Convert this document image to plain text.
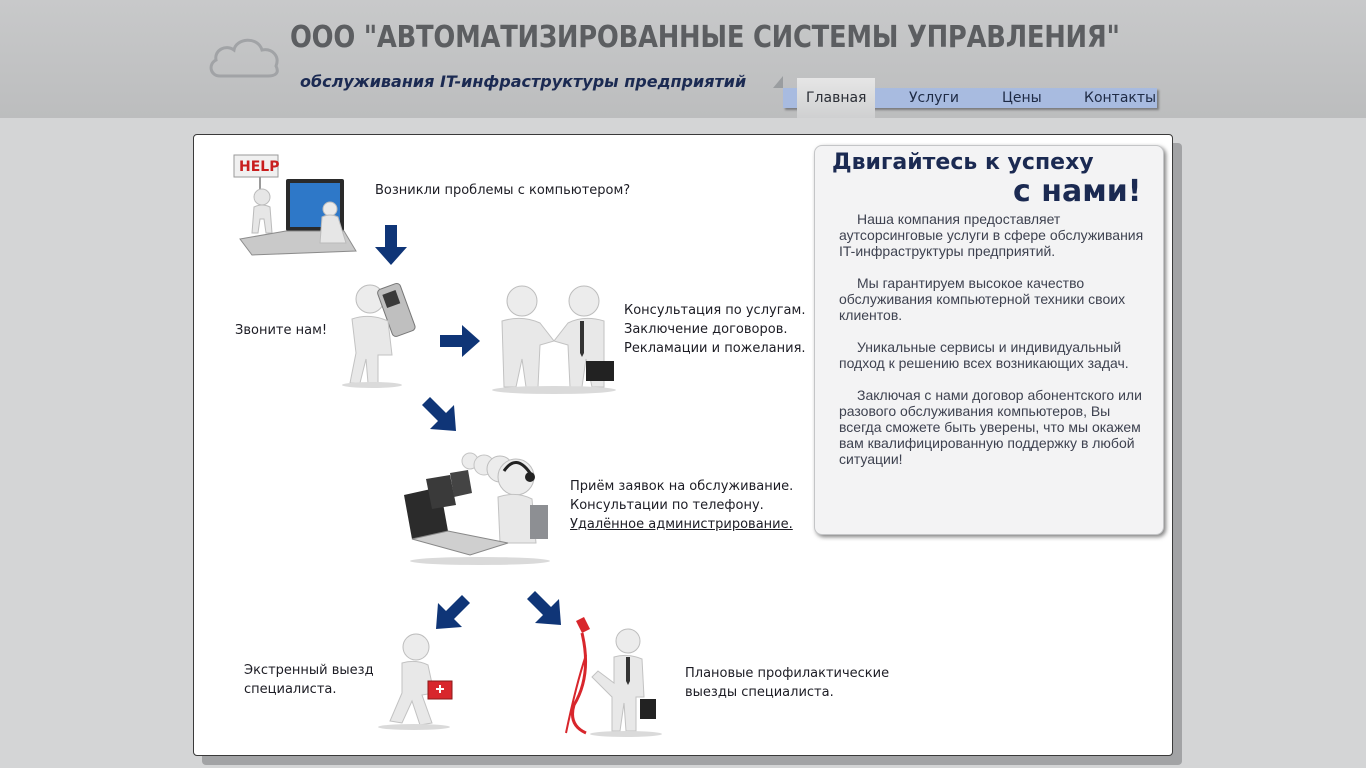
ООО "АВТОМАТИЗИРОВАННЫЕ СИСТЕМЫ УПРАВЛЕНИЯ"
обслуживания IT-инфраструктуры предприятий
Главная	Услуги	Цены	Контакты
HELP
Возникли проблемы с компьютером?
Звоните нам!
Консультация по услугам.
Заключение договоров.
Рекламации и пожелания.
Приём заявок на обслуживание.
Консультации по телефону.
Удалённое администрирование.
Экстренный выезд
специалиста.
Плановые профилактические
выезды специалиста.
Двигайтесь к успеху
с нами!

Наша компания предоставляет аутсорсинговые услуги в сфере обслуживания IT-инфраструктуры предприятий.

Мы гарантируем высокое качество обслуживания компьютерной техники своих клиентов.

Уникальные сервисы и индивидуальный подход к решению всех возникающих задач.

Заключая с нами договор абонентского или разового обслуживания компьютеров, Вы всегда сможете быть уверены, что мы окажем вам квалифицированную поддержку в любой ситуации!
